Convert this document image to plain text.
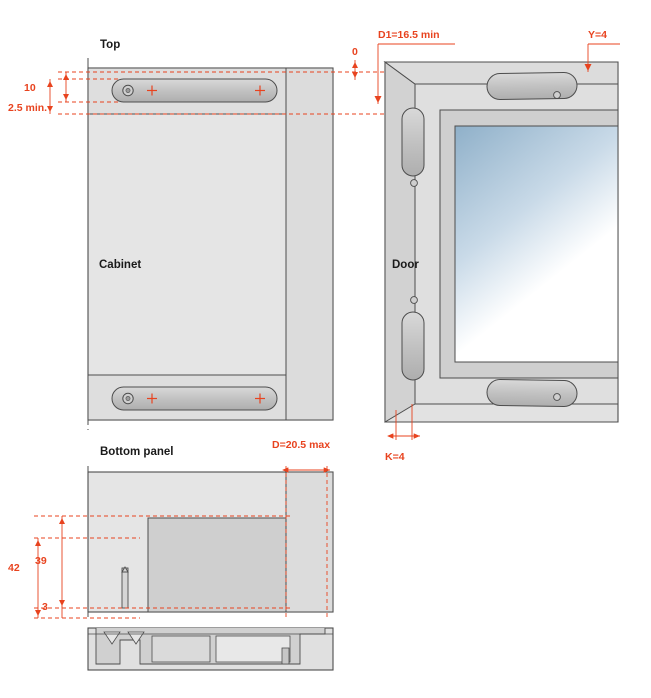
Top
Cabinet	Door
Bottom panel
D1=16.5 min	Y=4
0
10
2.5 min.
K=4
D=20.5 max
42
39
3
